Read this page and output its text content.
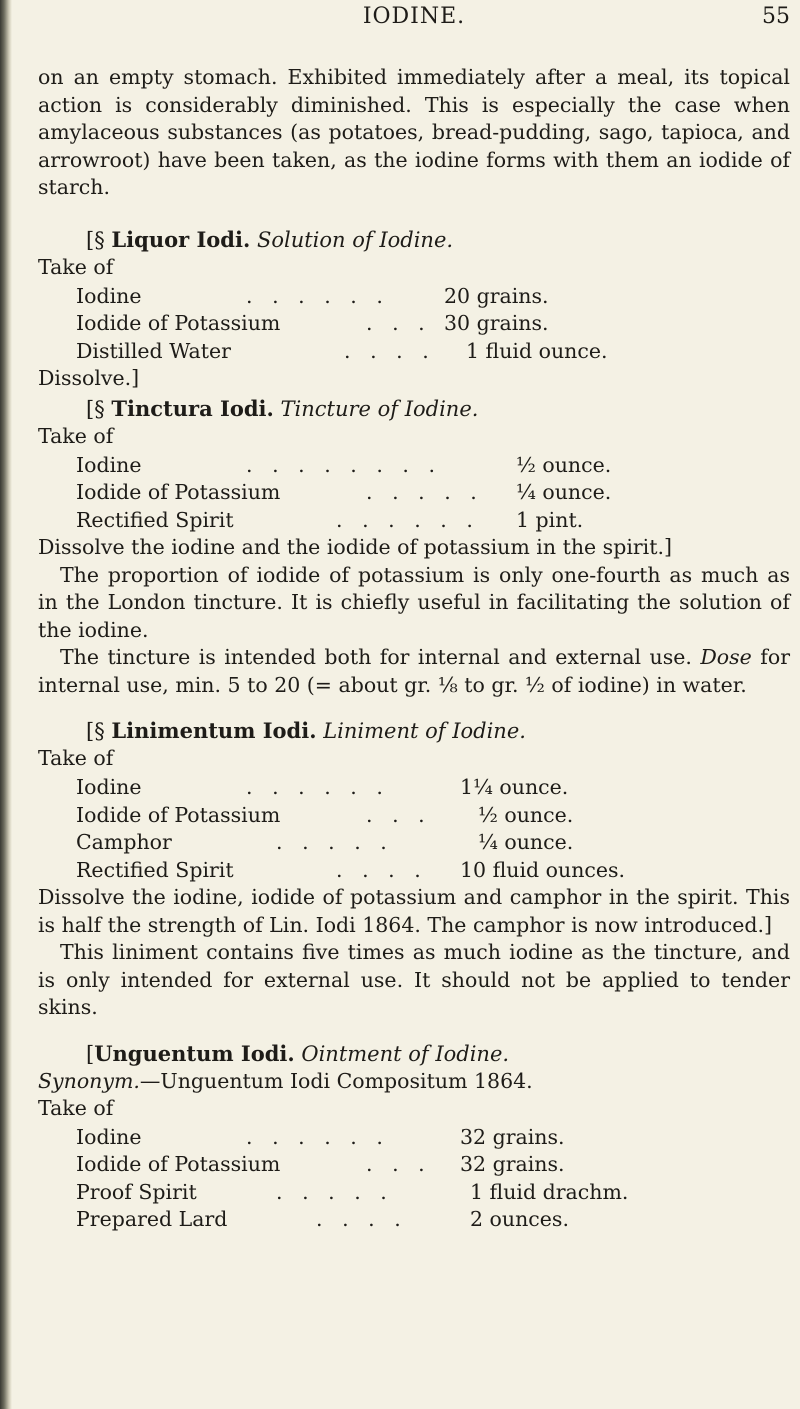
IODINE.	55

on an empty stomach. Exhibited immediately after a meal, its topical action is considerably diminished. This is especially the case when amylaceous substances (as potatoes, bread-pudding, sago, tapioca, and arrowroot) have been taken, as the iodine forms with them an iodide of starch.

[§ Liquor Iodi. Solution of Iodine.
Take of
Iodine	.   .   .   .   .   .	20 grains.
Iodide of Potassium	.   .   . 30 grains.
Distilled Water	.   .   .   .	1 fluid ounce.
Dissolve.]
[§ Tinctura Iodi. Tincture of Iodine.
Take of
Iodine	.   .   .   .   .   .   .   .	½ ounce.
Iodide of Potassium	.   .   .   .   .	¼ ounce.
Rectified Spirit	.   .   .   .   .   .	1 pint.

Dissolve the iodine and the iodide of potassium in the spirit.]

The proportion of iodide of potassium is only one-fourth as much as in the London tincture. It is chiefly useful in facilitating the solution of the iodine.

The tincture is intended both for internal and external use. Dose for internal use, min. 5 to 20 (= about gr. ⅛ to gr. ½ of iodine) in water.

[§ Linimentum Iodi. Liniment of Iodine.
Take of
Iodine	.   .   .   .   .   .	1¼ ounce.
Iodide of Potassium	.   .   .	½ ounce.
Camphor	.   .   .   .   .	¼ ounce.
Rectified Spirit	.   .   .   .	10 fluid ounces.

Dissolve the iodine, iodide of potassium and camphor in the spirit. This is half the strength of Lin. Iodi 1864. The camphor is now introduced.]

This liniment contains five times as much iodine as the tincture, and is only intended for external use. It should not be applied to tender skins.

[Unguentum Iodi. Ointment of Iodine.
Synonym.—Unguentum Iodi Compositum 1864.
Take of
Iodine	.   .   .   .   .   .	32 grains.
Iodide of Potassium	.   .   .	32 grains.
Proof Spirit	.   .   .   .   .	1 fluid drachm.
Prepared Lard	.   .   .   .	2 ounces.
